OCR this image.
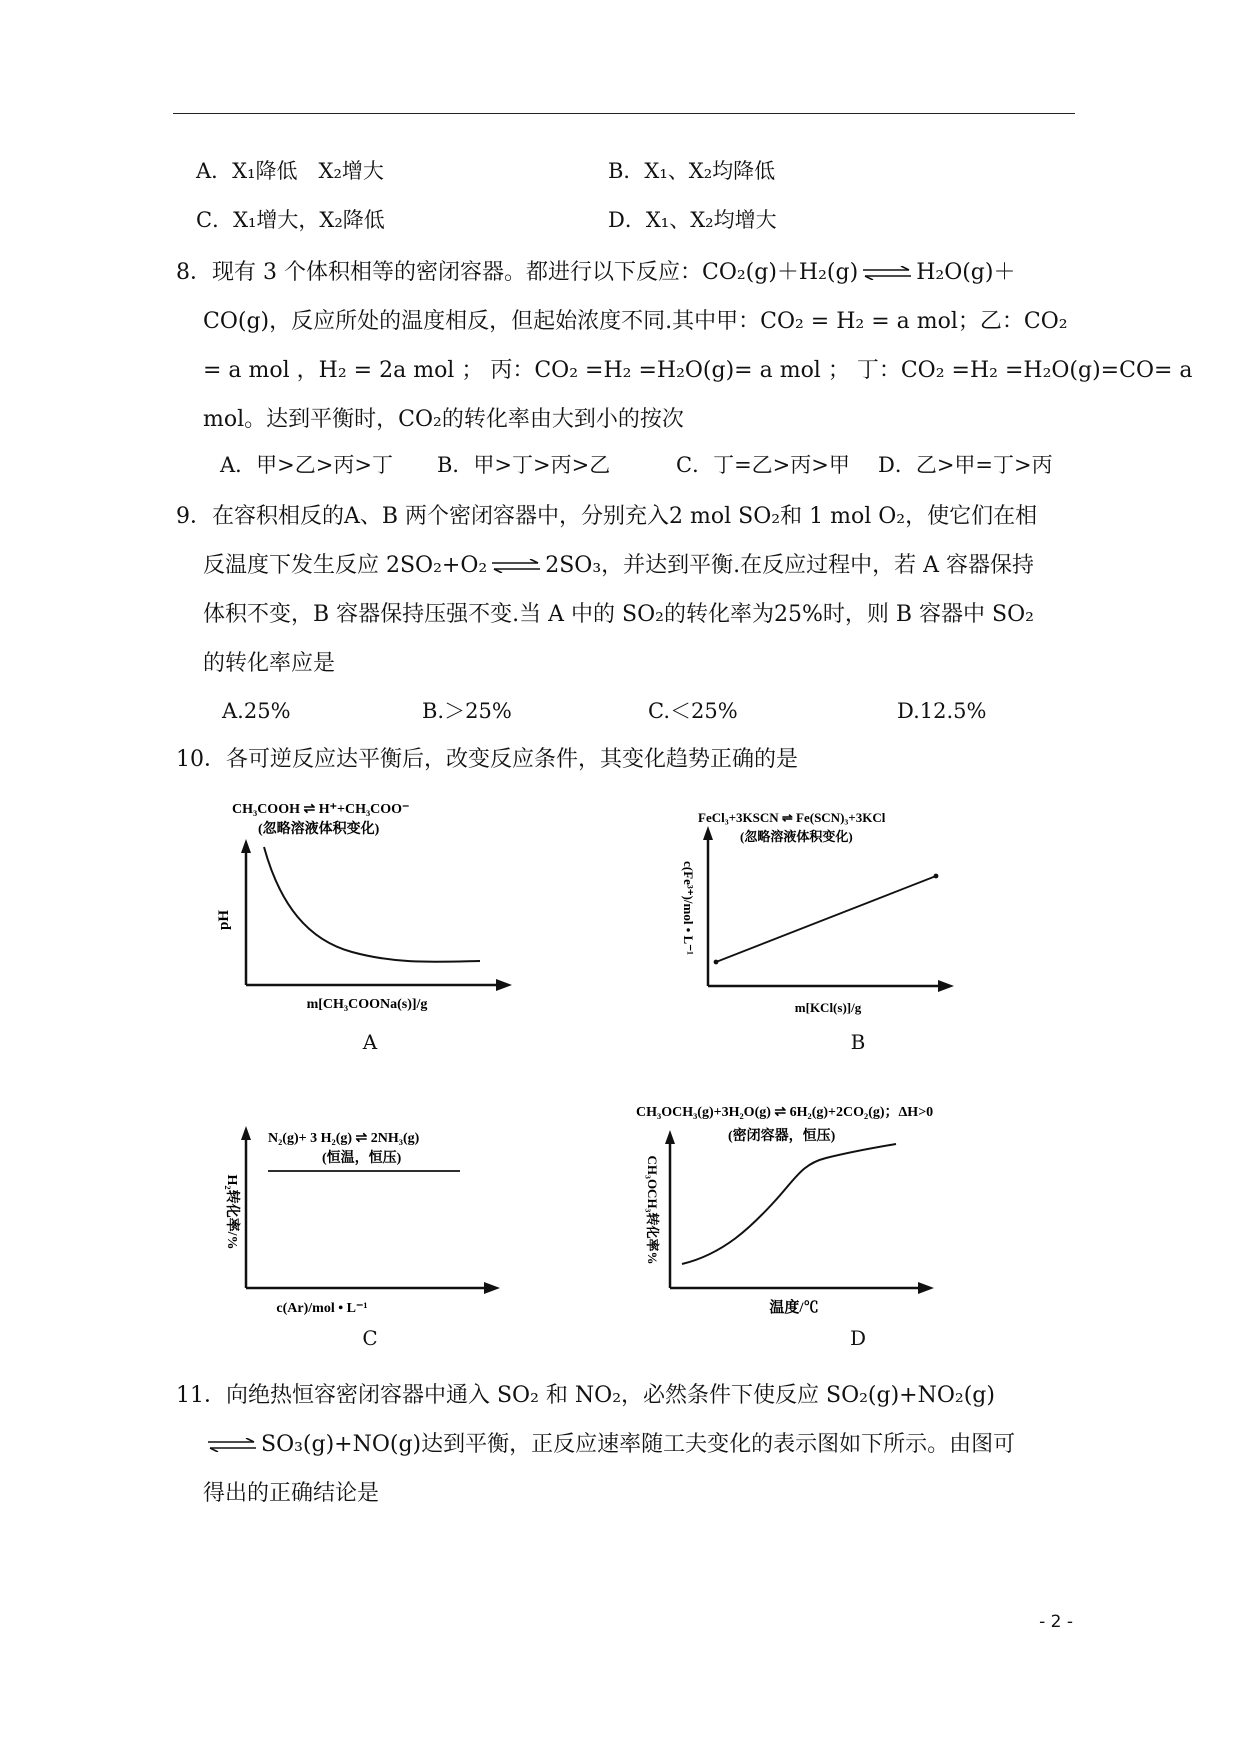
A．X₁降低　X₂增大	B．X₁、X₂均降低
C．X₁增大，X₂降低	D．X₁、X₂均增大
8．现有 3 个体积相等的密闭容器。都进行以下反应：CO₂(g)＋H₂(g) ⇌ H₂O(g)＋
CO(g)，反应所处的温度相反，但起始浓度不同.其中甲：CO₂ = H₂ = a mol；乙：CO₂
= a mol ，H₂ = 2a mol ； 丙：CO₂ =H₂ =H₂O(g)= a mol ； 丁：CO₂ =H₂ =H₂O(g)=CO= a
mol。达到平衡时，CO₂的转化率由大到小的按次
A．甲>乙>丙>丁 B．甲>丁>丙>乙	C．丁=乙>丙>甲 D．乙>甲=丁>丙
9．在容积相反的A、B 两个密闭容器中，分别充入2 mol SO₂和 1 mol O₂，使它们在相
反温度下发生反应 2SO₂+O₂ ⇌ 2SO₃，并达到平衡.在反应过程中，若 A 容器保持
体积不变，B 容器保持压强不变.当 A 中的 SO₂的转化率为25%时，则 B 容器中 SO₂
的转化率应是
A.25%	B.＞25%	C.＜25%	D.12.5%
10．各可逆反应达平衡后，改变反应条件，其变化趋势正确的是
CH₃COOH ⇌ H⁺+CH₃COO⁻
(忽略溶液体积变化)
pH
m[CH₃COONa(s)]/g
A
FeCl₃+3KSCN ⇌ Fe(SCN)₃+3KCl
(忽略溶液体积变化)
c(Fe³⁺)/mol • L⁻¹
m[KCl(s)]/g
B
N₂(g)+ 3 H₂(g) ⇌ 2NH₃(g)
(恒温，恒压)
H₂转化率/%
c(Ar)/mol • L⁻¹
C
CH₃OCH₃(g)+3H₂O(g) ⇌ 6H₂(g)+2CO₂(g)；ΔH>0
(密闭容器，恒压)
CH₃OCH₃转化率%
温度/℃
D
11．向绝热恒容密闭容器中通入 SO₂ 和 NO₂，必然条件下使反应 SO₂(g)+NO₂(g)
⇌ SO₃(g)+NO(g)达到平衡，正反应速率随工夫变化的表示图如下所示。由图可
得出的正确结论是
- 2 -
